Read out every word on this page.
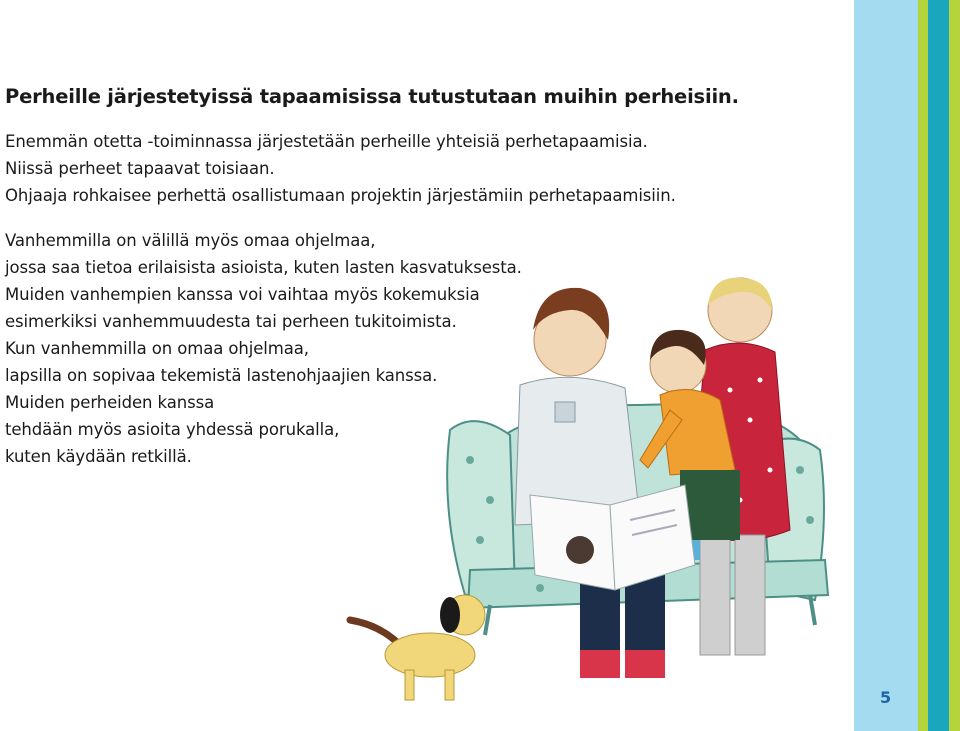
Perheille järjestetyissä tapaamisissa tutustutaan muihin perheisiin.
Enemmän otetta -toiminnassa järjestetään perheille yhteisiä perhetapaamisia.
Niissä perheet tapaavat toisiaan.
Ohjaaja rohkaisee perhettä osallistumaan projektin järjestämiin perhetapaamisiin.
Vanhemmilla on välillä myös omaa ohjelmaa,
jossa saa tietoa erilaisista asioista, kuten lasten kasvatuksesta.
Muiden vanhempien kanssa voi vaihtaa myös kokemuksia
esimerkiksi vanhemmuudesta tai perheen tukitoimista.
Kun vanhemmilla on omaa ohjelmaa,
lapsilla on sopivaa tekemistä lastenohjaajien kanssa.
Muiden perheiden kanssa
tehdään myös asioita yhdessä porukalla,
kuten käydään retkillä.
5
